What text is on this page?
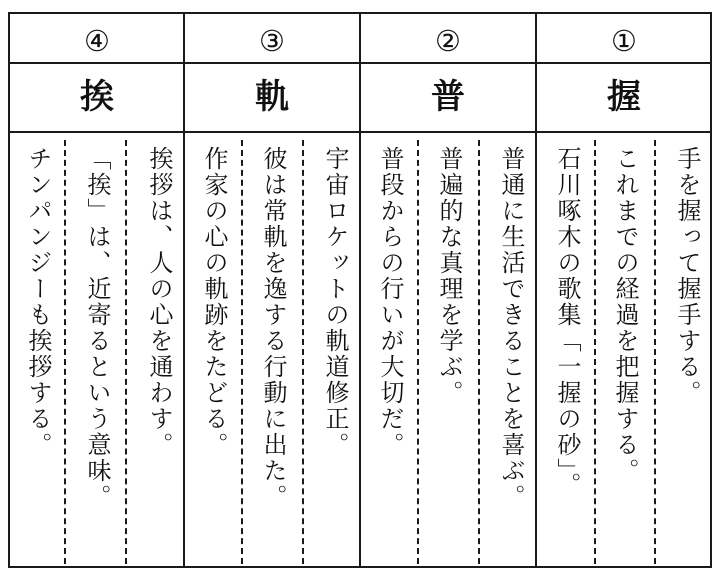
①
握
手を握って握手する。
これまでの経過を把握する。
石川啄木の歌集「一握の砂」。
②
普
普通に生活できることを喜ぶ。
普遍的な真理を学ぶ。
普段からの行いが大切だ。
③
軌
宇宙ロケットの軌道修正。
彼は常軌を逸する行動に出た。
作家の心の軌跡をたどる。
④
挨
挨拶は、人の心を通わす。
「挨」は、近寄るという意味。
チンパンジーも挨拶する。
